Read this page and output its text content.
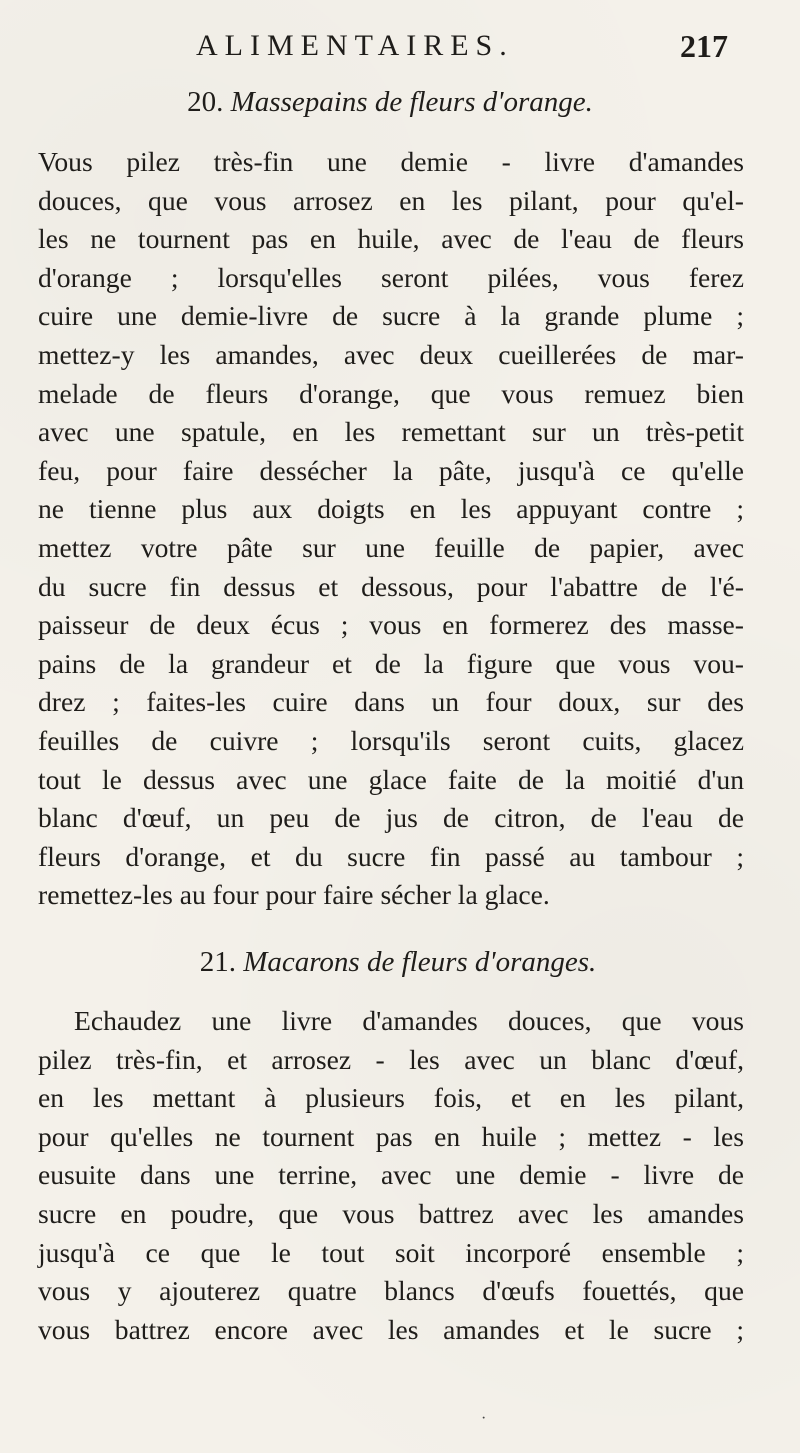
ALIMENTAIRES.	217
20. Massepains de fleurs d'orange.
Vous pilez très-fin une demie - livre d'amandes
douces, que vous arrosez en les pilant, pour qu'el-
les ne tournent pas en huile, avec de l'eau de fleurs
d'orange ; lorsqu'elles seront pilées, vous ferez
cuire une demie-livre de sucre à la grande plume ;
mettez-y les amandes, avec deux cueillerées de mar-
melade de fleurs d'orange, que vous remuez bien
avec une spatule, en les remettant sur un très-petit
feu, pour faire dessécher la pâte, jusqu'à ce qu'elle
ne tienne plus aux doigts en les appuyant contre ;
mettez votre pâte sur une feuille de papier, avec
du sucre fin dessus et dessous, pour l'abattre de l'é-
paisseur de deux écus ; vous en formerez des masse-
pains de la grandeur et de la figure que vous vou-
drez ; faites-les cuire dans un four doux, sur des
feuilles de cuivre ; lorsqu'ils seront cuits, glacez
tout le dessus avec une glace faite de la moitié d'un
blanc d'œuf, un peu de jus de citron, de l'eau de
fleurs d'orange, et du sucre fin passé au tambour ;
remettez-les au four pour faire sécher la glace.
21. Macarons de fleurs d'oranges.
Echaudez une livre d'amandes douces, que vous
pilez très-fin, et arrosez - les avec un blanc d'œuf,
en les mettant à plusieurs fois, et en les pilant,
pour qu'elles ne tournent pas en huile ; mettez - les
eusuite dans une terrine, avec une demie - livre de
sucre en poudre, que vous battrez avec les amandes
jusqu'à ce que le tout soit incorporé ensemble ;
vous y ajouterez quatre blancs d'œufs fouettés, que
vous battrez encore avec les amandes et le sucre ;
·
